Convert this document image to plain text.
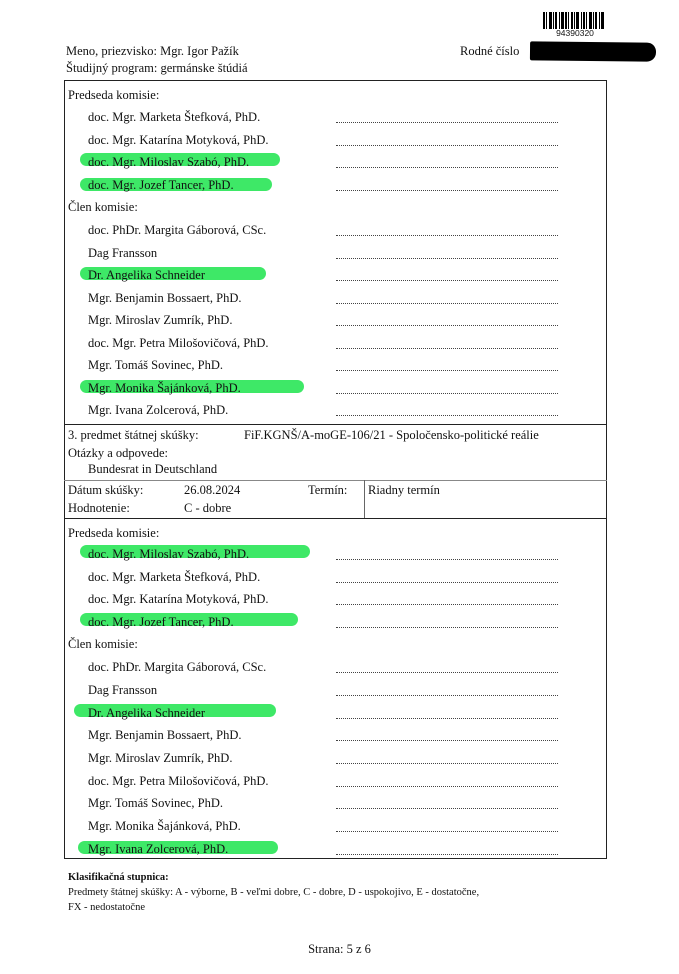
94390320
Meno, priezvisko: Mgr. Igor Pažík
Študijný program: germánske štúdiá
Rodné číslo
Predseda komisie:
doc. Mgr. Marketa Štefková, PhD.
doc. Mgr. Katarína Motyková, PhD.
doc. Mgr. Miloslav Szabó, PhD.
doc. Mgr. Jozef Tancer, PhD.
Člen komisie:
doc. PhDr. Margita Gáborová, CSc.
Dag Fransson
Dr. Angelika Schneider
Mgr. Benjamin Bossaert, PhD.
Mgr. Miroslav Zumrík, PhD.
doc. Mgr. Petra Milošovičová, PhD.
Mgr. Tomáš Sovinec, PhD.
Mgr. Monika Šajánková, PhD.
Mgr. Ivana Zolcerová, PhD.
3. predmet štátnej skúšky:	FiF.KGNŠ/A-moGE-106/21 - Spoločensko-politické reálie
Otázky a odpovede:
Bundesrat in Deutschland
Dátum skúšky:	26.08.2024	Termín: Riadny termín
Hodnotenie:	C - dobre
Predseda komisie:
doc. Mgr. Miloslav Szabó, PhD.
doc. Mgr. Marketa Štefková, PhD.
doc. Mgr. Katarína Motyková, PhD.
doc. Mgr. Jozef Tancer, PhD.
Člen komisie:
doc. PhDr. Margita Gáborová, CSc.
Dag Fransson
Dr. Angelika Schneider
Mgr. Benjamin Bossaert, PhD.
Mgr. Miroslav Zumrík, PhD.
doc. Mgr. Petra Milošovičová, PhD.
Mgr. Tomáš Sovinec, PhD.
Mgr. Monika Šajánková, PhD.
Mgr. Ivana Zolcerová, PhD.
Klasifikačná stupnica:
Predmety štátnej skúšky: A - výborne, B - veľmi dobre, C - dobre, D - uspokojivo, E - dostatočne,
FX - nedostatočne
Strana: 5 z 6
